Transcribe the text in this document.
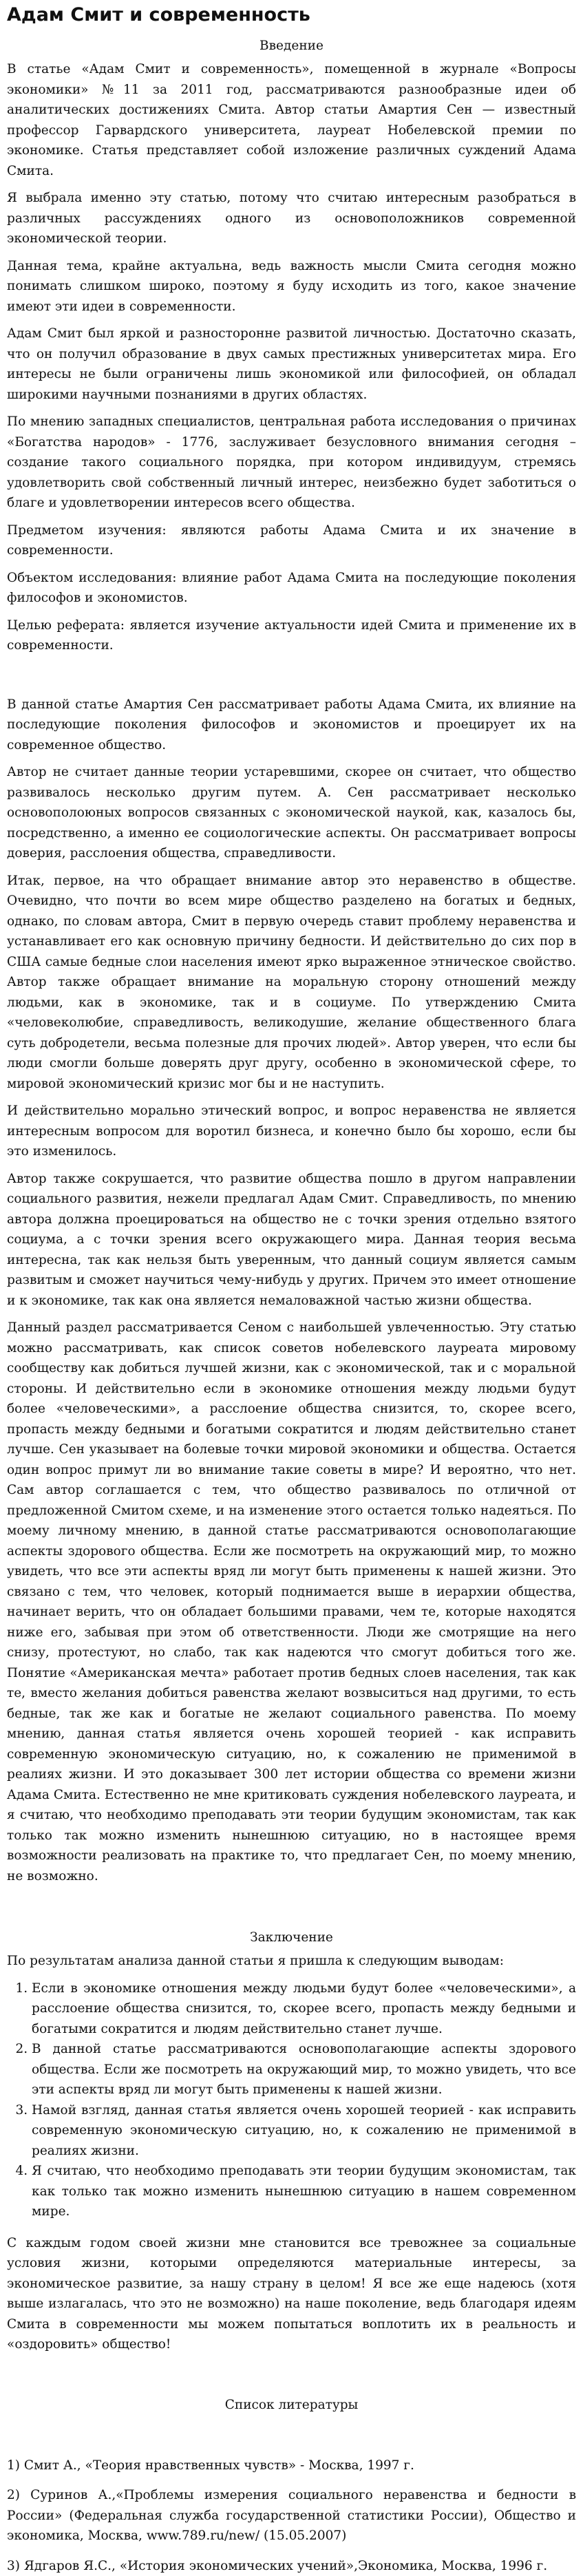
Адам Смит и современность
Введение

В статье «Адам Смит и современность», помещенной в журнале «Вопросы экономики» №11 за 2011 год, рассматриваются разнообразные идеи об аналитических достижениях Смита. Автор статьи Амартия Сен — известный профессор Гарвардского университета, лауреат Нобелевской премии по экономике. Статья представляет собой изложение различных суждений Адама Смита.

Я выбрала именно эту статью, потому что считаю интересным разобраться в различных рассуждениях одного из основоположников современной экономической теории.

Данная тема, крайне актуальна, ведь важность мысли Смита сегодня можно понимать слишком широко, поэтому я буду исходить из того, какое значение имеют эти идеи в современности.

Адам Смит был яркой и разносторонне развитой личностью. Достаточно сказать, что он получил образование в двух самых престижных университетах мира. Его интересы не были ограничены лишь экономикой или философией, он обладал широкими научными познаниями в других областях.

По мнению западных специалистов, центральная работа исследования о причинах «Богатства народов» - 1776, заслуживает безусловного внимания сегодня – создание такого социального порядка, при котором индивидуум, стремясь удовлетворить свой собственный личный интерес, неизбежно будет заботиться о благе и удовлетворении интересов всего общества.

Предметом изучения: являются работы Адама Смита и их значение в современности.

Объектом исследования: влияние работ Адама Смита на последующие поколения философов и экономистов.

Целью реферата: является изучение актуальности идей Смита и применение их в современности.

В данной статье Амартия Сен рассматривает работы Адама Смита, их влияние на последующие поколения философов и экономистов и проецирует их на современное общество.

Автор не считает данные теории устаревшими, скорее он считает, что общество развивалось несколько другим путем. А. Сен рассматривает несколько основополоюных вопросов связанных с экономической наукой, как, казалось бы, посредственно, а именно ее социологические аспекты. Он рассматривает вопросы доверия, расслоения общества, справедливости.

Итак, первое, на что обращает внимание автор это неравенство в обществе. Очевидно, что почти во всем мире общество разделено на богатых и бедных, однако, по словам автора, Смит в первую очередь ставит проблему неравенства и устанавливает его как основную причину бедности. И действительно до сих пор в США самые бедные слои населения имеют ярко выраженное этническое свойство. Автор также обращает внимание на моральную сторону отношений между людьми, как в экономике, так и в социуме. По утверждению Смита «человеколюбие, справедливость, великодушие, желание общественного блага суть добродетели, весьма полезные для прочих людей». Автор уверен, что если бы люди смогли больше доверять друг другу, особенно в экономической сфере, то мировой экономический кризис мог бы и не наступить.

И действительно морально этический вопрос, и вопрос неравенства не является интересным вопросом для воротил бизнеса, и конечно было бы хорошо, если бы это изменилось.

Автор также сокрушается, что развитие общества пошло в другом направлении социального развития, нежели предлагал Адам Смит. Справедливость, по мнению автора должна проецироваться на общество не с точки зрения отдельно взятого социума, а с точки зрения всего окружающего мира. Данная теория весьма интересна, так как нельзя быть уверенным, что данный социум является самым развитым и сможет научиться чему-нибудь у других. Причем это имеет отношение и к экономике, так как она является немаловажной частью жизни общества.

Данный раздел рассматривается Сеном с наибольшей увлеченностью. Эту статью можно рассматривать, как список советов нобелевского лауреата мировому сообществу как добиться лучшей жизни, как с экономической, так и с моральной стороны. И действительно если в экономике отношения между людьми будут более «человеческими», а расслоение общества снизится, то, скорее всего, пропасть между бедными и богатыми сократится и людям действительно станет лучше. Сен указывает на болевые точки мировой экономики и общества. Остается один вопрос примут ли во внимание такие советы в мире? И вероятно, что нет. Сам автор соглашается с тем, что общество развивалось по отличной от предложенной Смитом схеме, и на изменение этого остается только надеяться. По моему личному мнению, в данной статье рассматриваются основополагающие аспекты здорового общества. Если же посмотреть на окружающий мир, то можно увидеть, что все эти аспекты вряд ли могут быть применены к нашей жизни. Это связано с тем, что человек, который поднимается выше в иерархии общества, начинает верить, что он обладает большими правами, чем те, которые находятся ниже его, забывая при этом об ответственности. Люди же смотрящие на него снизу, протестуют, но слабо, так как надеются что смогут добиться того же. Понятие «Американская мечта» работает против бедных слоев населения, так как те, вместо желания добиться равенства желают возвыситься над другими, то есть бедные, так же как и богатые не желают социального равенства. По моему мнению, данная статья является очень хорошей теорией - как исправить современную экономическую ситуацию, но, к сожалению не применимой в реалиях жизни. И это доказывает 300 лет истории общества со времени жизни Адама Смита. Естественно не мне критиковать суждения нобелевского лауреата, и я считаю, что необходимо преподавать эти теории будущим экономистам, так как только так можно изменить нынешнюю ситуацию, но в настоящее время возможности реализовать на практике то, что предлагает Сен, по моему мнению, не возможно.

Заключение

По результатам анализа данной статьи я пришла к следующим выводам:

1. Если в экономике отношения между людьми будут более «человеческими», а расслоение общества снизится, то, скорее всего, пропасть между бедными и богатыми сократится и людям действительно станет лучше.
2. В данной статье рассматриваются основополагающие аспекты здорового общества. Если же посмотреть на окружающий мир, то можно увидеть, что все эти аспекты вряд ли могут быть применены к нашей жизни.
3. Намой взгляд, данная статья является очень хорошей теорией - как исправить современную экономическую ситуацию, но, к сожалению не применимой в реалиях жизни.
4. Я считаю, что необходимо преподавать эти теории будущим экономистам, так как только так можно изменить нынешнюю ситуацию в нашем современном мире.

С каждым годом своей жизни мне становится все тревожнее за социальные условия жизни, которыми определяются материальные интересы, за экономическое развитие, за нашу страну в целом! Я все же еще надеюсь (хотя выше излагалась, что это не возможно) на наше поколение, ведь благодаря идеям Смита в современности мы можем попытаться воплотить их в реальность и «оздоровить» общество!

Список литературы

1) Смит А., «Теория нравственных чувств» - Москва, 1997 г.

2) Суринов А.,«Проблемы измерения социального неравенства и бедности в России» (Федеральная служба государственной статистики России), Общество и экономика, Москва, www.789.ru/new/ (15.05.2007)

3) Ядгаров Я.С., «История экономических учений»,Экономика, Москва, 1996 г.
